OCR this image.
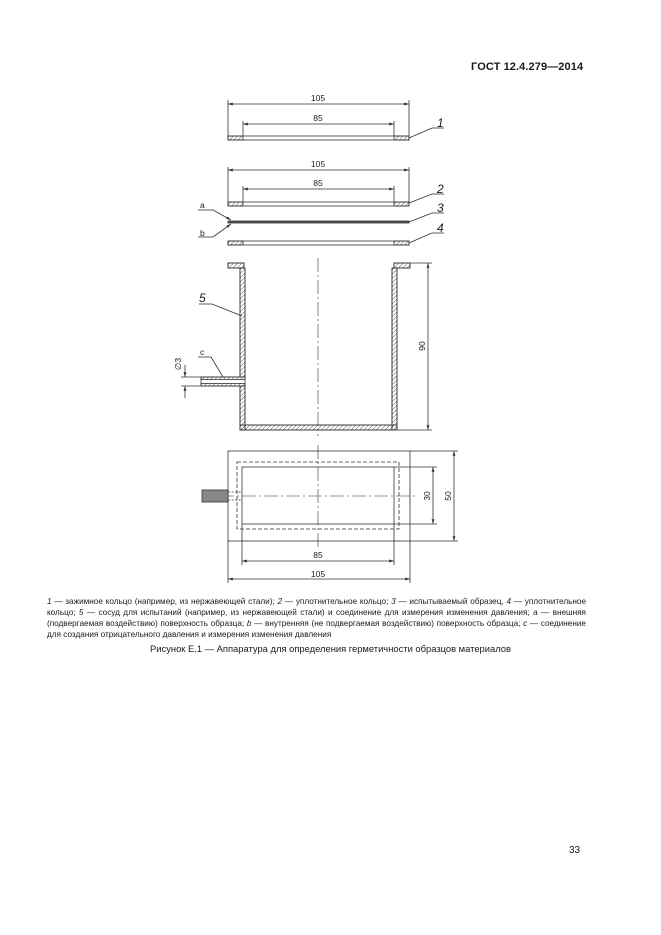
ГОСТ 12.4.279—2014
105
85
105
85
90
∅3
30 50
85
105
1
2
3
4
5
a
b
c
1 — зажимное кольцо (например, из нержавеющей стали); 2 — уплотнительное кольцо; 3 — испытываемый образец, 4 — уплотнительное кольцо; 5 — сосуд для испытаний (например, из нержавеющей стали) и соединение для измерения изменения давления; a — внешняя (подвергаемая воздействию) поверхность образца; b — внутренняя (не подвергаемая воздействию) поверхность образца; c — соединение для создания отрицательного давления и измерения изменения давления
Рисунок Е.1 — Аппаратура для определения герметичности образцов материалов
33
